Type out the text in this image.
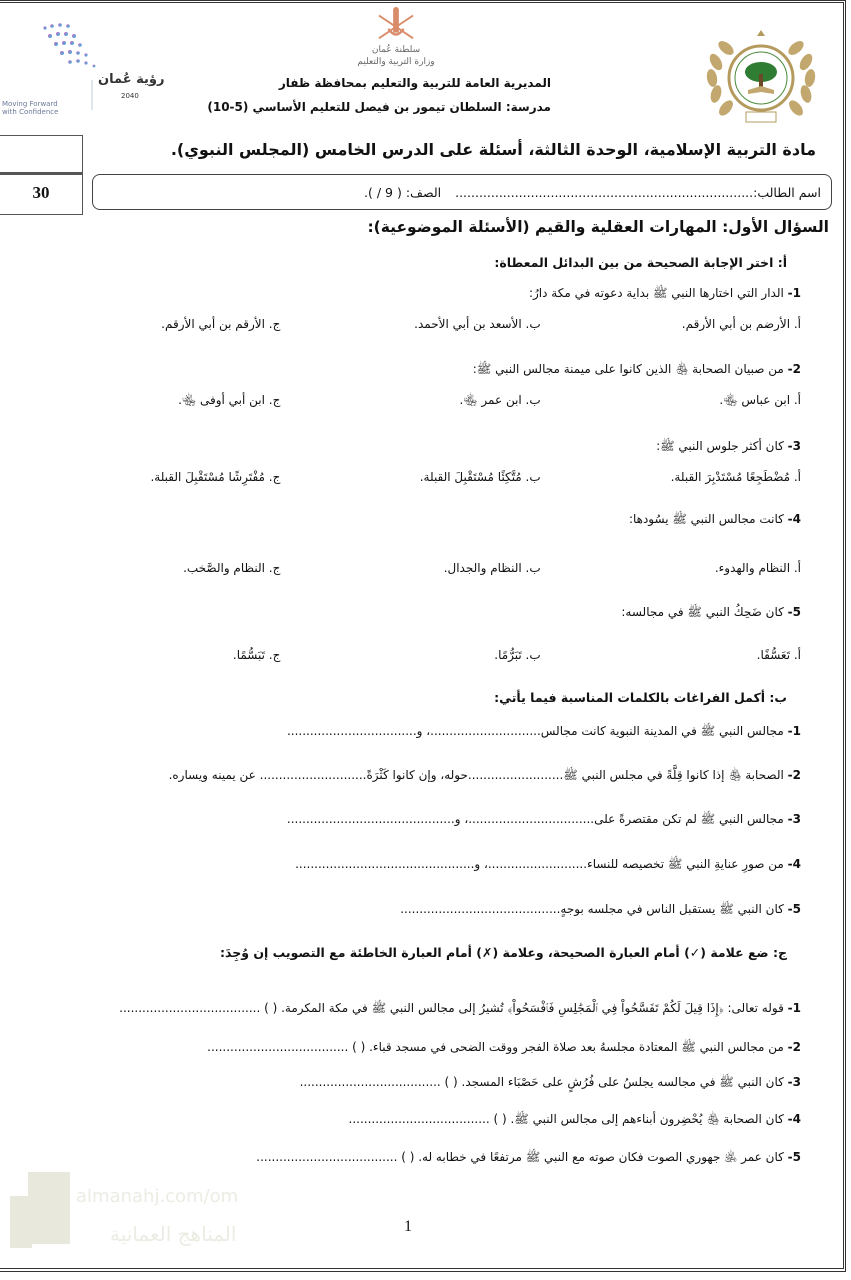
سلطنة عُمان
وزارة التربية والتعليم
المديرية العامة للتربية والتعليم بمحافظة ظفار
مدرسة: السلطان تيمور بن فيصل للتعليم الأساسي (5-10)
رؤية عُمان
2040
Moving Forward
with Confidence
30
مادة التربية الإسلامية، الوحدة الثالثة، أسئلة على الدرس الخامس (المجلس النبوي).
اسم الطالب:...........................................................................
الصف: ( 9 / ).
السؤال الأول: المهارات العقلية والقيم (الأسئلة الموضوعية):
أ: اختر الإجابة الصحيحة من بين البدائل المعطاة:
1- الدار التي اختارها النبي ﷺ بداية دعوته في مكة دارُ:
أ. الأرضم بن أبي الأرقم.
ب. الأسعد بن أبي الأحمد.
ج. الأرقم بن أبي الأرقم.
2- من صبيان الصحابة ﵃ الذين كانوا على ميمنة مجالس النبي ﷺ:
أ. ابن عباس ﵄.
ب. ابن عمر ﵄.
ج. ابن أبي أوفى ﵄.
3- كان أكثر جلوس النبي ﷺ:
أ. مُضْطَجِعًا مُسْتَدْبِرَ القبلة.
ب. مُتَّكِئًا مُسْتَقْبِلَ القبلة.
ج. مُفْتَرِشًا مُسْتَقْبِلَ القبلة.
4- كانت مجالس النبي ﷺ يسُودها:
أ. النظام والهدوء.
ب. النظام والجدال.
ج. النظام والصَّخب.
5- كان ضَحِكُ النبي ﷺ في مجالسه:
أ. تَعَسُّفًا.
ب. تَبَرُّمًا.
ج. تَبَسُّمًا.
ب: أكمل الفراغات بالكلمات المناسبة فيما يأتي:
1- مجالس النبي ﷺ في المدينة النبوية كانت مجالس.............................، و..................................
2- الصحابة ﵃ إذا كانوا قِلَّةً في مجلس النبي ﷺ.........................حوله، وإن كانوا كَثْرَةً............................ عن يمينه ويساره.
3- مجالس النبي ﷺ لم تكن مقتصرةً على.................................، و............................................
4- من صورِ عنايةِ النبي ﷺ تخصيصه للنساء..........................، و...............................................
5- كان النبي ﷺ يستقبل الناس في مجلسه بوجهٍ..........................................
ج: ضع علامة (✓) أمام العبارة الصحيحة، وعلامة (✗) أمام العبارة الخاطئة مع التصويب إن وُجِدَ:
1- قوله تعالى: ﴿إِذَا قِيلَ لَكُمْ تَفَسَّحُواْ فِي ٱلْمَجَٰلِسِ فَٱفْسَحُواْ﴾ تُشيرُ إلى مجالس النبي ﷺ في مكة المكرمة. ( ) .....................................
2- من مجالس النبي ﷺ المعتادة مجلسهُ بعد صلاة الفجر ووقت الضحى في مسجد قباء. ( ) .....................................
3- كان النبي ﷺ في مجالسه يجلسُ على فُرُشٍ على حَصْبَاء المسجد. ( ) .....................................
4- كان الصحابة ﵃ يُحْضِرون أبناءهم إلى مجالس النبي ﷺ. ( ) .....................................
5- كان عمر ﵁ جهوري الصوت فكان صوته مع النبي ﷺ مرتفعًا في خطابه له. ( ) .....................................
almanahj.com/om
المناهج العمانية	1
